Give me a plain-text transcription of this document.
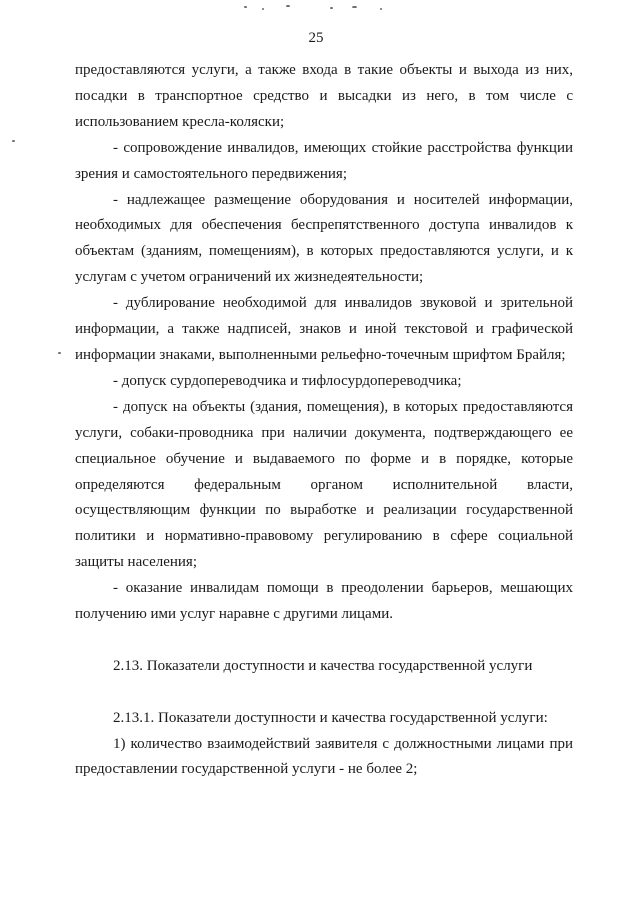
25

предоставляются услуги, а также входа в такие объекты и выхода из них, посадки в транспортное средство и высадки из него, в том числе с использованием кресла-коляски;

- сопровождение инвалидов, имеющих стойкие расстройства функции зрения и самостоятельного передвижения;

- надлежащее размещение оборудования и носителей информации, необходимых для обеспечения беспрепятственного доступа инвалидов к объектам (зданиям, помещениям), в которых предоставляются услуги, и к услугам с учетом ограничений их жизнедеятельности;

- дублирование необходимой для инвалидов звуковой и зрительной информации, а также надписей, знаков и иной текстовой и графической информации знаками, выполненными рельефно-точечным шрифтом Брайля;

- допуск сурдопереводчика и тифлосурдопереводчика;

- допуск на объекты (здания, помещения), в которых предоставляются услуги, собаки-проводника при наличии документа, подтверждающего ее специальное обучение и выдаваемого по форме и в порядке, которые определяются федеральным органом исполнительной власти, осуществляющим функции по выработке и реализации государственной политики и нормативно-правовому регулированию в сфере социальной защиты населения;

- оказание инвалидам помощи в преодолении барьеров, мешающих получению ими услуг наравне с другими лицами.

2.13. Показатели доступности и качества государственной услуги

2.13.1. Показатели доступности и качества государственной услуги:

1) количество взаимодействий заявителя с должностными лицами при предоставлении государственной услуги - не более 2;
